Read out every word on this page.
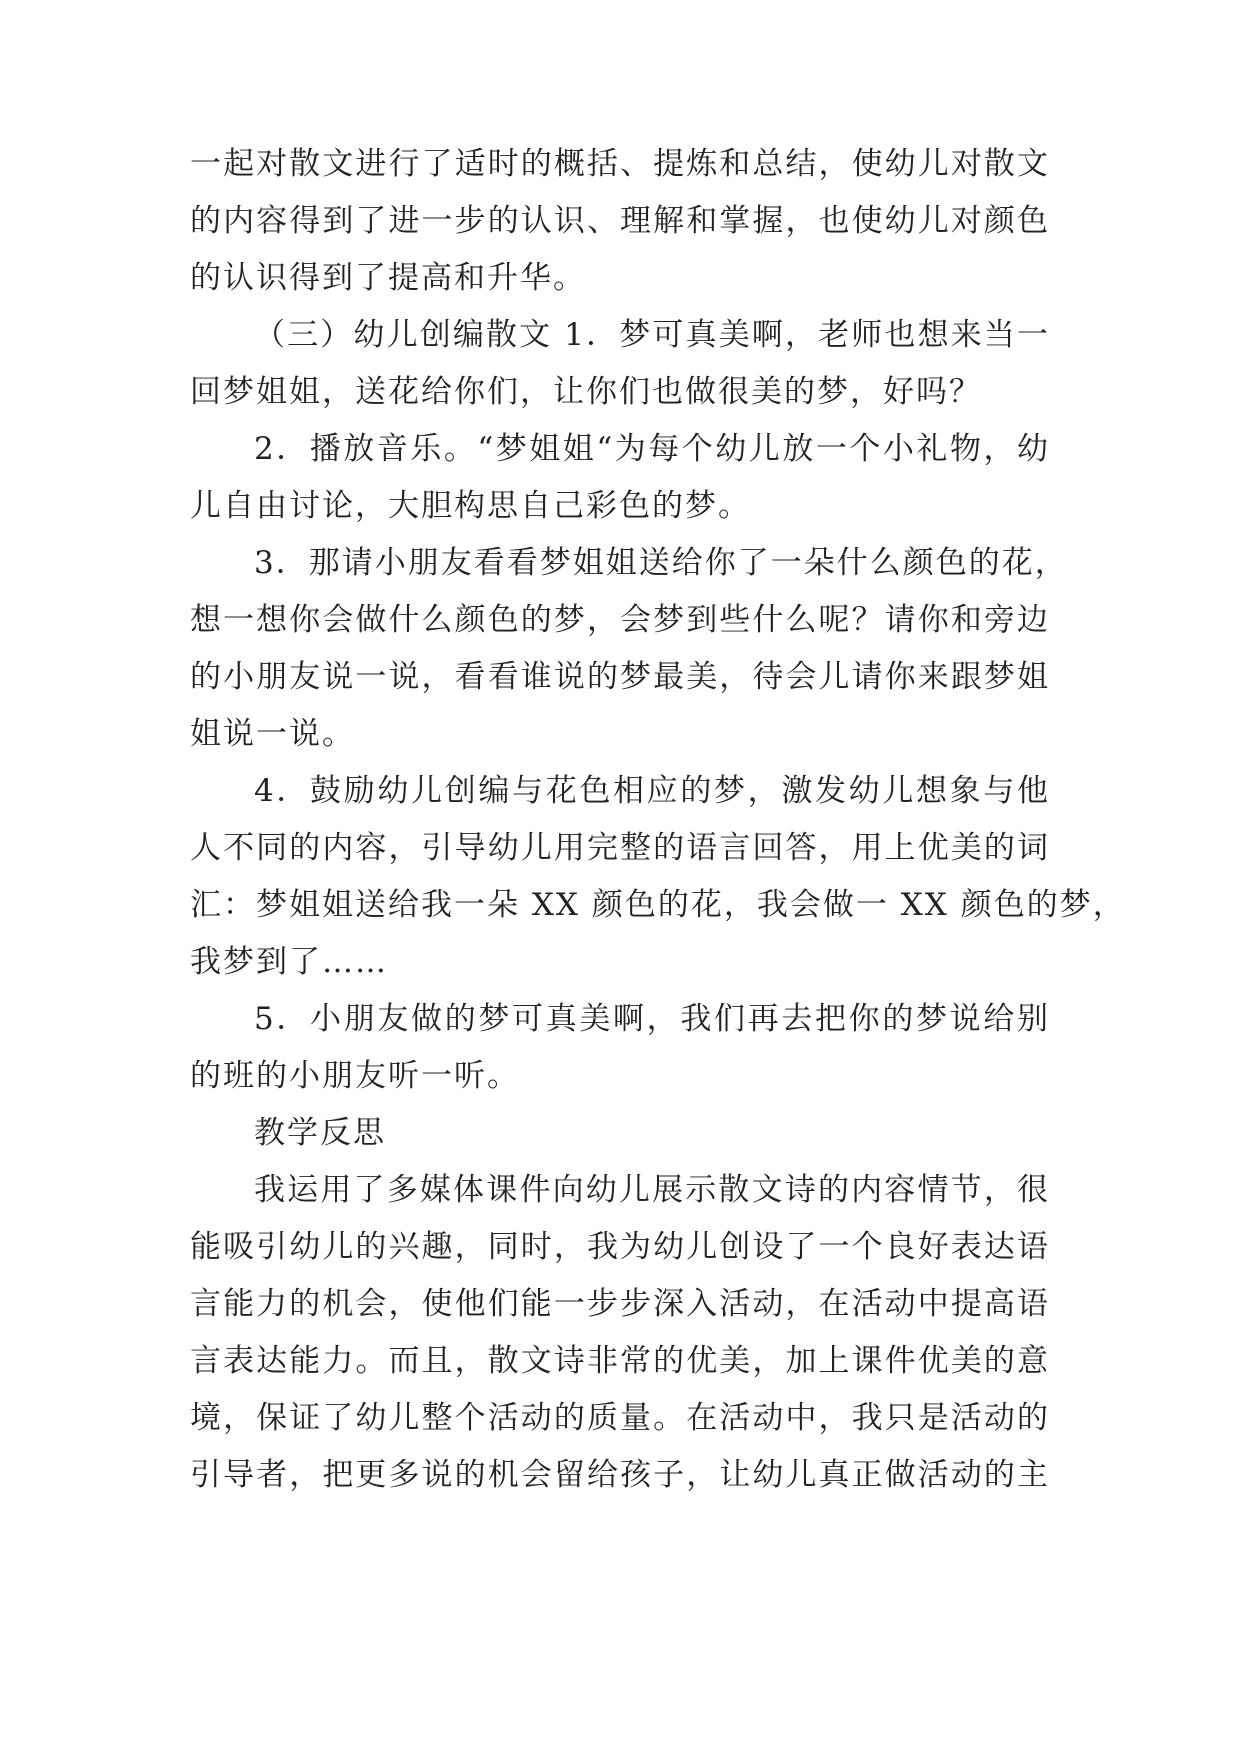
一起对散文进行了适时的概括、提炼和总结，使幼儿对散文
的内容得到了进一步的认识、理解和掌握，也使幼儿对颜色
的认识得到了提高和升华。
（三）幼儿创编散文 1．梦可真美啊，老师也想来当一
回梦姐姐，送花给你们，让你们也做很美的梦，好吗？
2．播放音乐。“梦姐姐“为每个幼儿放一个小礼物，幼
儿自由讨论，大胆构思自己彩色的梦。
3．那请小朋友看看梦姐姐送给你了一朵什么颜色的花，
想一想你会做什么颜色的梦，会梦到些什么呢？请你和旁边
的小朋友说一说，看看谁说的梦最美，待会儿请你来跟梦姐
姐说一说。
4．鼓励幼儿创编与花色相应的梦，激发幼儿想象与他
人不同的内容，引导幼儿用完整的语言回答，用上优美的词
汇：梦姐姐送给我一朵 XX 颜色的花，我会做一 XX 颜色的梦，
我梦到了……
5．小朋友做的梦可真美啊，我们再去把你的梦说给别
的班的小朋友听一听。
教学反思
我运用了多媒体课件向幼儿展示散文诗的内容情节，很
能吸引幼儿的兴趣，同时，我为幼儿创设了一个良好表达语
言能力的机会，使他们能一步步深入活动，在活动中提高语
言表达能力。而且，散文诗非常的优美，加上课件优美的意
境，保证了幼儿整个活动的质量。在活动中，我只是活动的
引导者，把更多说的机会留给孩子，让幼儿真正做活动的主
